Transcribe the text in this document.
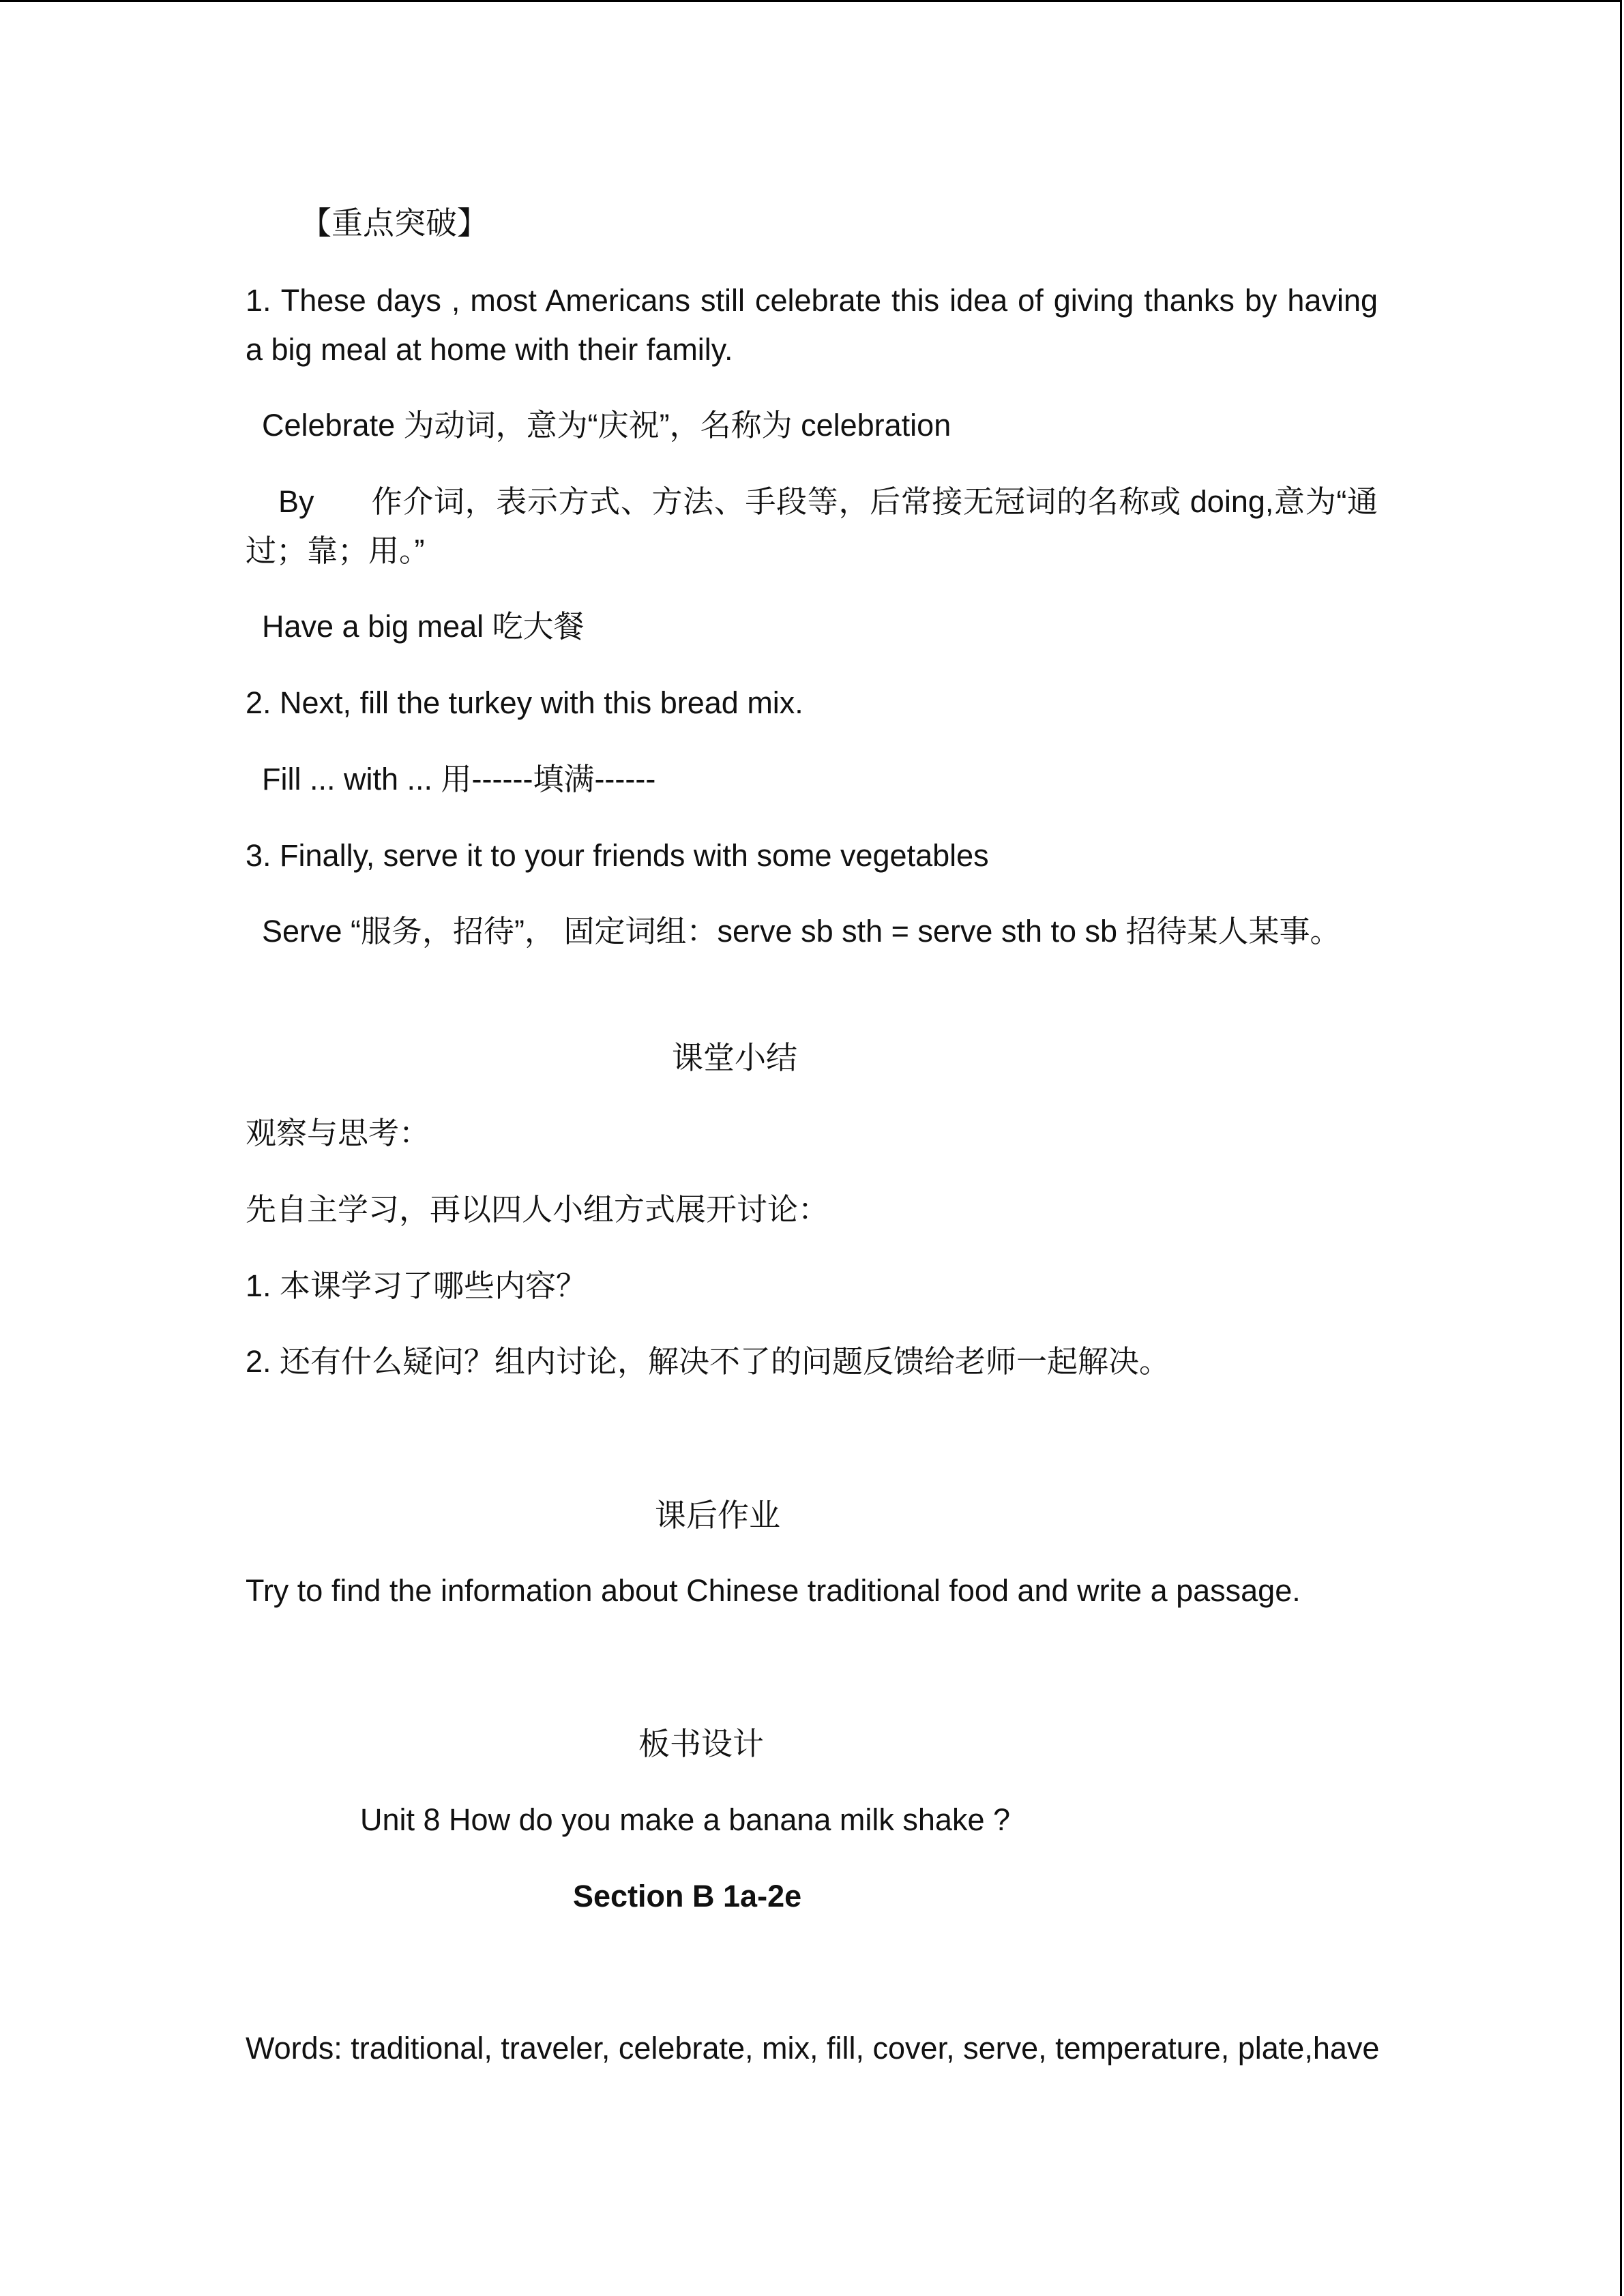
【重点突破】
1. These days , most Americans still celebrate this idea of giving thanks by having a big meal at home with their family.
Celebrate 为动词，意为“庆祝”，名称为 celebration
By 作介词，表示方式、方法、手段等，后常接无冠词的名称或 doing,意为“通过；靠；用。”
Have a big meal 吃大餐
2. Next, fill the turkey with this bread mix.
Fill ... with ... 用------填满------
3. Finally, serve it to your friends with some vegetables
Serve “服务，招待”， 固定词组：serve sb sth = serve sth to sb 招待某人某事。
课堂小结
观察与思考：
先自主学习，再以四人小组方式展开讨论：
1. 本课学习了哪些内容？
2. 还有什么疑问？组内讨论，解决不了的问题反馈给老师一起解决。
课后作业
Try to find the information about Chinese traditional food and write a passage.
板书设计
Unit 8 How do you make a banana milk shake ?
Section B 1a-2e
Words: traditional, traveler, celebrate, mix, fill, cover, serve, temperature, plate,have
